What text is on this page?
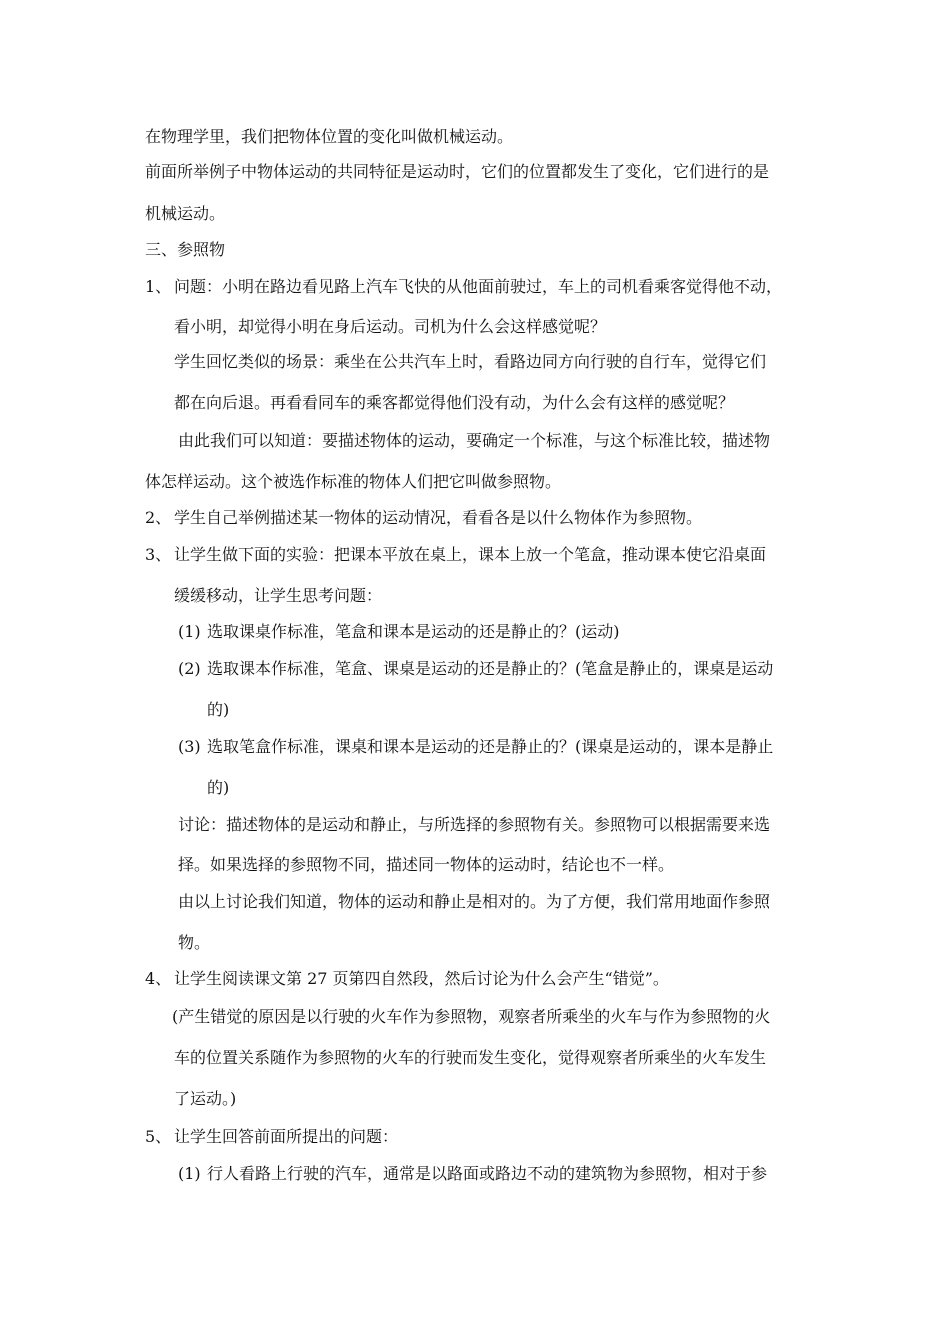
在物理学里，我们把物体位置的变化叫做机械运动。
前面所举例子中物体运动的共同特征是运动时，它们的位置都发生了变化，它们进行的是
机械运动。
三、参照物
1、 问题：小明在路边看见路上汽车飞快的从他面前驶过，车上的司机看乘客觉得他不动，
看小明，却觉得小明在身后运动。司机为什么会这样感觉呢？
学生回忆类似的场景：乘坐在公共汽车上时，看路边同方向行驶的自行车，觉得它们
都在向后退。再看看同车的乘客都觉得他们没有动，为什么会有这样的感觉呢？
由此我们可以知道：要描述物体的运动，要确定一个标准，与这个标准比较，描述物
体怎样运动。这个被选作标准的物体人们把它叫做参照物。
2、 学生自己举例描述某一物体的运动情况，看看各是以什么物体作为参照物。
3、 让学生做下面的实验：把课本平放在桌上，课本上放一个笔盒，推动课本使它沿桌面
缓缓移动，让学生思考问题：
(1) 选取课桌作标准，笔盒和课本是运动的还是静止的？(运动)
(2) 选取课本作标准，笔盒、课桌是运动的还是静止的？(笔盒是静止的，课桌是运动
的)
(3) 选取笔盒作标准，课桌和课本是运动的还是静止的？(课桌是运动的，课本是静止
的)
讨论：描述物体的是运动和静止，与所选择的参照物有关。参照物可以根据需要来选
择。如果选择的参照物不同，描述同一物体的运动时，结论也不一样。
由以上讨论我们知道，物体的运动和静止是相对的。为了方便，我们常用地面作参照
物。
4、 让学生阅读课文第 27 页第四自然段，然后讨论为什么会产生“错觉”。
(产生错觉的原因是以行驶的火车作为参照物，观察者所乘坐的火车与作为参照物的火
车的位置关系随作为参照物的火车的行驶而发生变化，觉得观察者所乘坐的火车发生
了运动。)
5、 让学生回答前面所提出的问题：
(1) 行人看路上行驶的汽车，通常是以路面或路边不动的建筑物为参照物，相对于参
